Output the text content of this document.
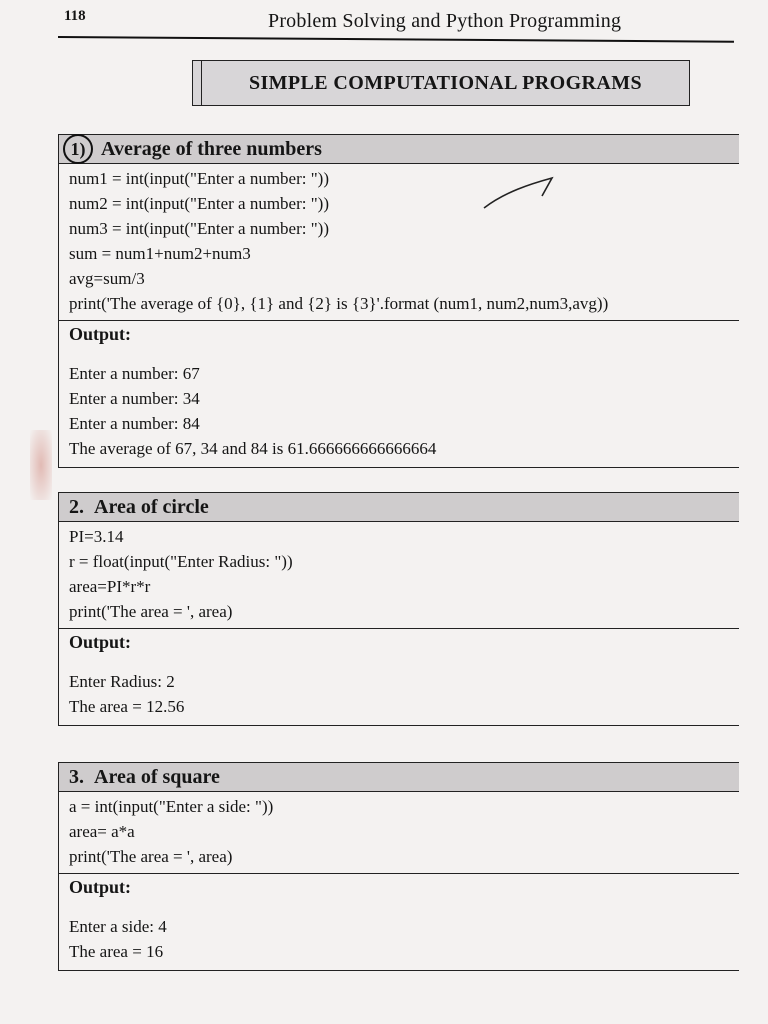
118	Problem Solving and Python Programming
SIMPLE COMPUTATIONAL PROGRAMS
1) Average of three numbers
num1 = int(input("Enter a number: "))
num2 = int(input("Enter a number: "))
num3 = int(input("Enter a number: "))
sum = num1+num2+num3
avg=sum/3
print('The average of {0}, {1} and {2} is {3}'.format (num1, num2,num3,avg))
Output:
Enter a number: 67
Enter a number: 34
Enter a number: 84
The average of 67, 34 and 84 is 61.666666666666664
2. Area of circle
PI=3.14
r = float(input("Enter Radius: "))
area=PI*r*r
print('The area = ', area)
Output:
Enter Radius: 2
The area = 12.56
3. Area of square
a = int(input("Enter a side: "))
area= a*a
print('The area = ', area)
Output:
Enter a side: 4
The area = 16
